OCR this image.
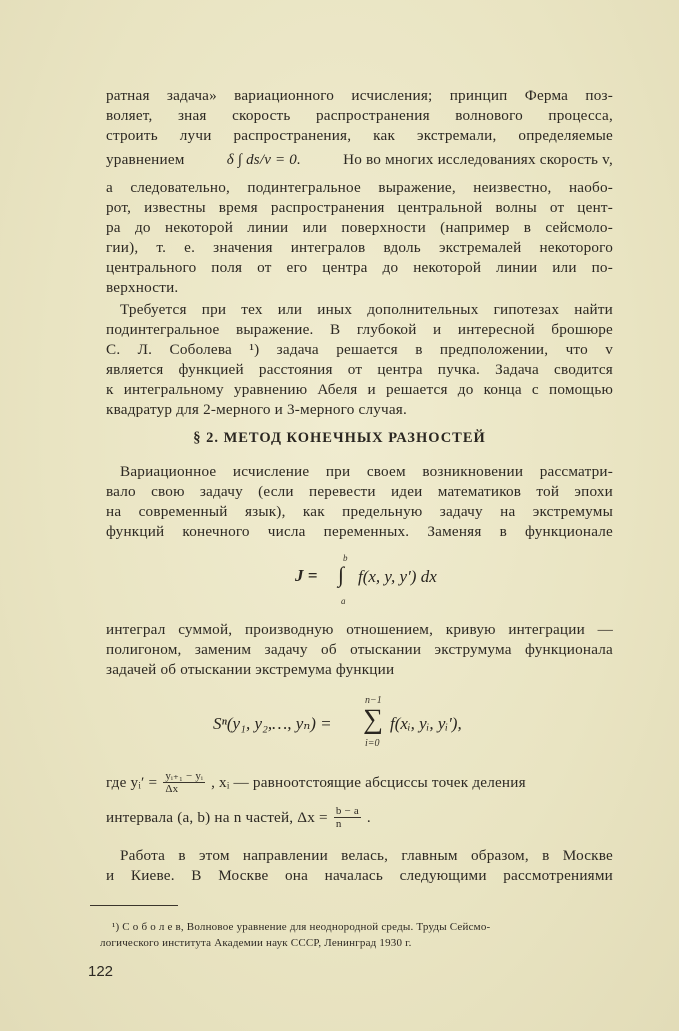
ратная задача» вариационного исчисления; принцип Ферма поз-
воляет, зная скорость распространения волнового процесса,
строить лучи распространения, как экстремали, определяемые
уравнением	δ ∫ ds/v = 0.	Но во многих исследованиях скорость v,
a следовательно, подинтегральное выражение, неизвестно, наобо-
рот, известны время распространения центральной волны от цент-
ра до некоторой линии или поверхности (например в сейсмоло-
гии), т. е. значения интегралов вдоль экстремалей некоторого
центрального поля от его центра до некоторой линии или по-
верхности.
Требуется при тех или иных дополнительных гипотезах найти
подинтегральное выражение. В глубокой и интересной брошюре
С. Л. Соболева ¹) задача решается в предположении, что v
является функцией расстояния от центра пучка. Задача сводится
к интегральному уравнению Абеля и решается до конца с помощью
квадратур для 2-мерного и 3-мерного случая.
§ 2. МЕТОД КОНЕЧНЫХ РАЗНОСТЕЙ
Вариационное исчисление при своем возникновении рассматри-
вало свою задачу (если перевести идеи математиков той эпохи
на современный язык), как предельную задачу на экстремумы
функций конечного числа переменных. Заменяя в функционале
b
J = ∫ f(x, y, y′) dx
a
интеграл суммой, производную отношением, кривую интеграции —
полигоном, заменим задачу об отыскании экструмума функционала
задачей об отыскании экстремума функции
n−1
Sⁿ(y₁, y₂,…, yₙ) = ∑ f(xᵢ, yᵢ, yᵢ′),
i=0
где yᵢ′ = $\frac{\text{yᵢ₊₁ − yᵢ}}{\Delta x}$ , xᵢ — равноотстоящие абсциссы точек деления
интервала (a, b) на n частей, $\Delta x = \frac{b - a}{n}$ .
Работа в этом направлении велась, главным образом, в Москве
и Киеве. В Москве она началась следующими рассмотрениями
¹) С о б о л е в, Волновое уравнение для неоднородной среды. Труды Сейсмо-
логического института Академии наук СССР, Ленинград 1930 г.
122
